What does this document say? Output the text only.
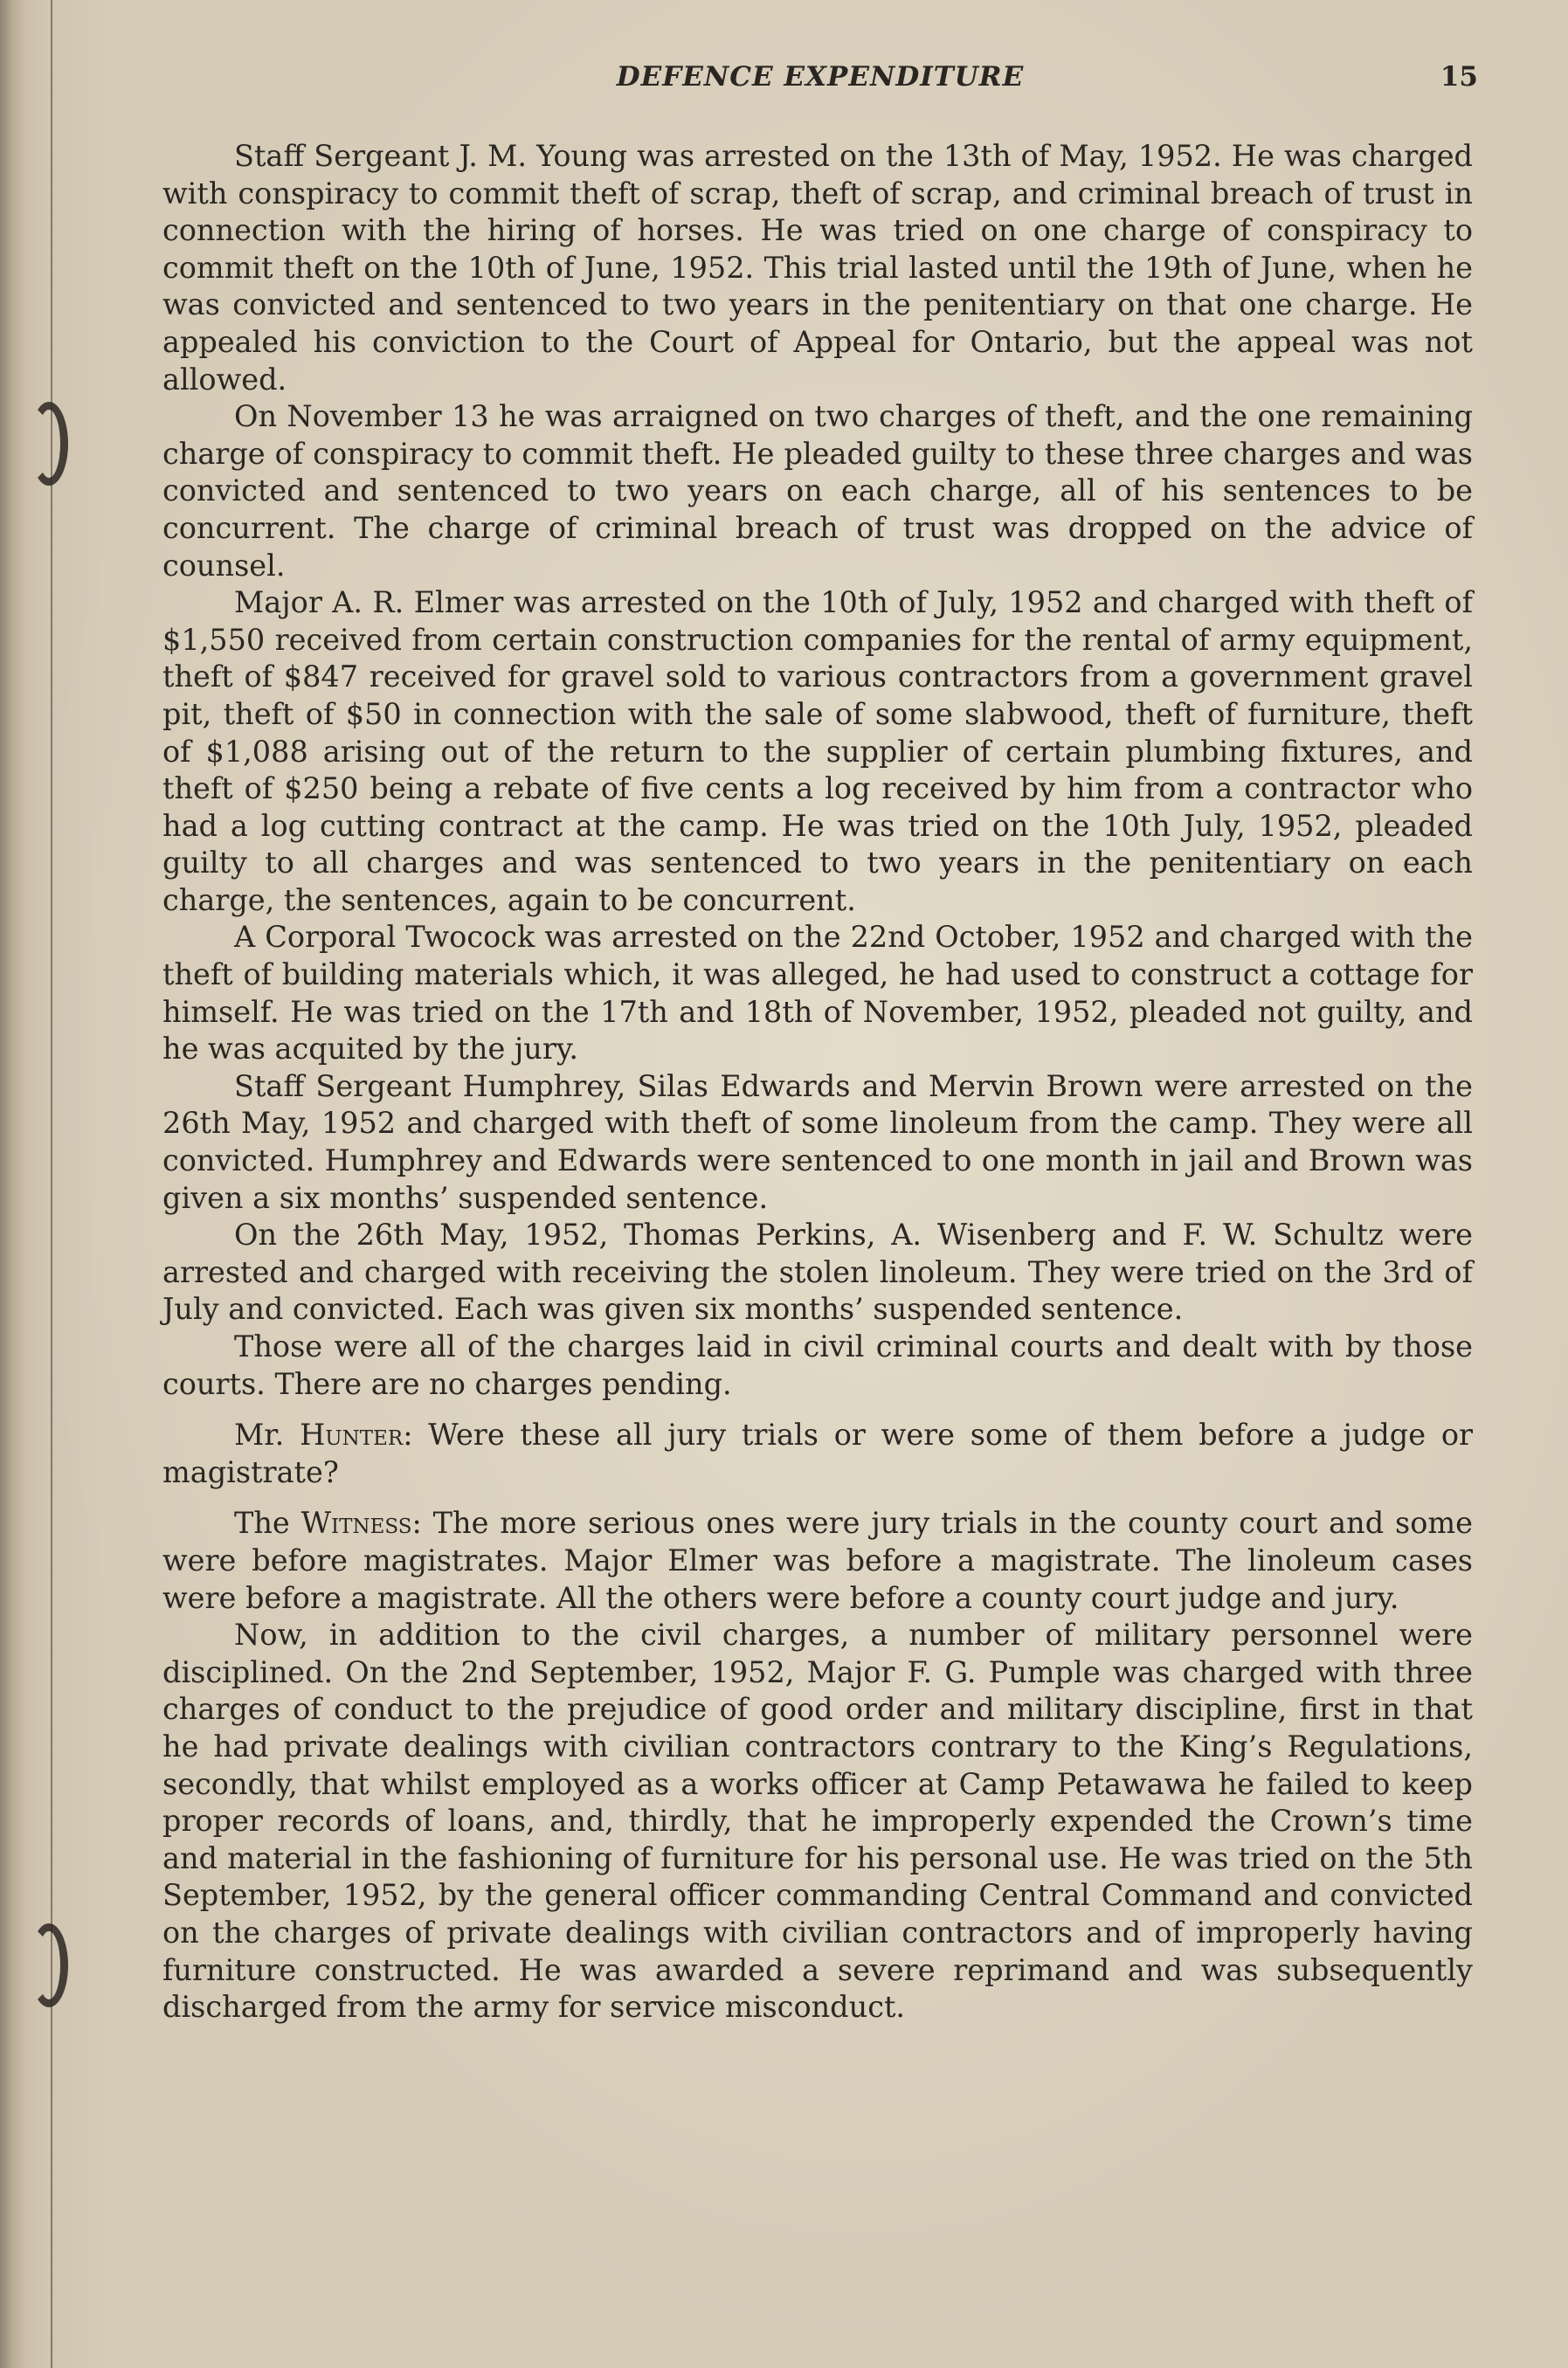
DEFENCE EXPENDITURE	15

Staff Sergeant J. M. Young was arrested on the 13th of May, 1952. He was charged with conspiracy to commit theft of scrap, theft of scrap, and criminal breach of trust in connection with the hiring of horses. He was tried on one charge of conspiracy to commit theft on the 10th of June, 1952. This trial lasted until the 19th of June, when he was convicted and sentenced to two years in the penitentiary on that one charge. He appealed his conviction to the Court of Appeal for Ontario, but the appeal was not allowed.

On November 13 he was arraigned on two charges of theft, and the one remaining charge of conspiracy to commit theft. He pleaded guilty to these three charges and was convicted and sentenced to two years on each charge, all of his sentences to be concurrent. The charge of criminal breach of trust was dropped on the advice of counsel.

Major A. R. Elmer was arrested on the 10th of July, 1952 and charged with theft of $1,550 received from certain construction companies for the rental of army equipment, theft of $847 received for gravel sold to various contractors from a government gravel pit, theft of $50 in connection with the sale of some slabwood, theft of furniture, theft of $1,088 arising out of the return to the supplier of certain plumbing fixtures, and theft of $250 being a rebate of five cents a log received by him from a contractor who had a log cutting contract at the camp. He was tried on the 10th July, 1952, pleaded guilty to all charges and was sentenced to two years in the penitentiary on each charge, the sentences, again to be concurrent.

A Corporal Twocock was arrested on the 22nd October, 1952 and charged with the theft of building materials which, it was alleged, he had used to construct a cottage for himself. He was tried on the 17th and 18th of November, 1952, pleaded not guilty, and he was acquited by the jury.

Staff Sergeant Humphrey, Silas Edwards and Mervin Brown were arrested on the 26th May, 1952 and charged with theft of some linoleum from the camp. They were all convicted. Humphrey and Edwards were sentenced to one month in jail and Brown was given a six months’ suspended sentence.

On the 26th May, 1952, Thomas Perkins, A. Wisenberg and F. W. Schultz were arrested and charged with receiving the stolen linoleum. They were tried on the 3rd of July and convicted. Each was given six months’ suspended sentence.

Those were all of the charges laid in civil criminal courts and dealt with by those courts. There are no charges pending.

Mr. Hunter: Were these all jury trials or were some of them before a judge or magistrate?

The Witness: The more serious ones were jury trials in the county court and some were before magistrates. Major Elmer was before a magistrate. The linoleum cases were before a magistrate. All the others were before a county court judge and jury.

Now, in addition to the civil charges, a number of military personnel were disciplined. On the 2nd September, 1952, Major F. G. Pumple was charged with three charges of conduct to the prejudice of good order and military discipline, first in that he had private dealings with civilian contractors contrary to the King’s Regulations, secondly, that whilst employed as a works officer at Camp Petawawa he failed to keep proper records of loans, and, thirdly, that he improperly expended the Crown’s time and material in the fashioning of furniture for his personal use. He was tried on the 5th September, 1952, by the general officer commanding Central Command and convicted on the charges of private dealings with civilian contractors and of improperly having furniture constructed. He was awarded a severe reprimand and was subsequently discharged from the army for service misconduct.
